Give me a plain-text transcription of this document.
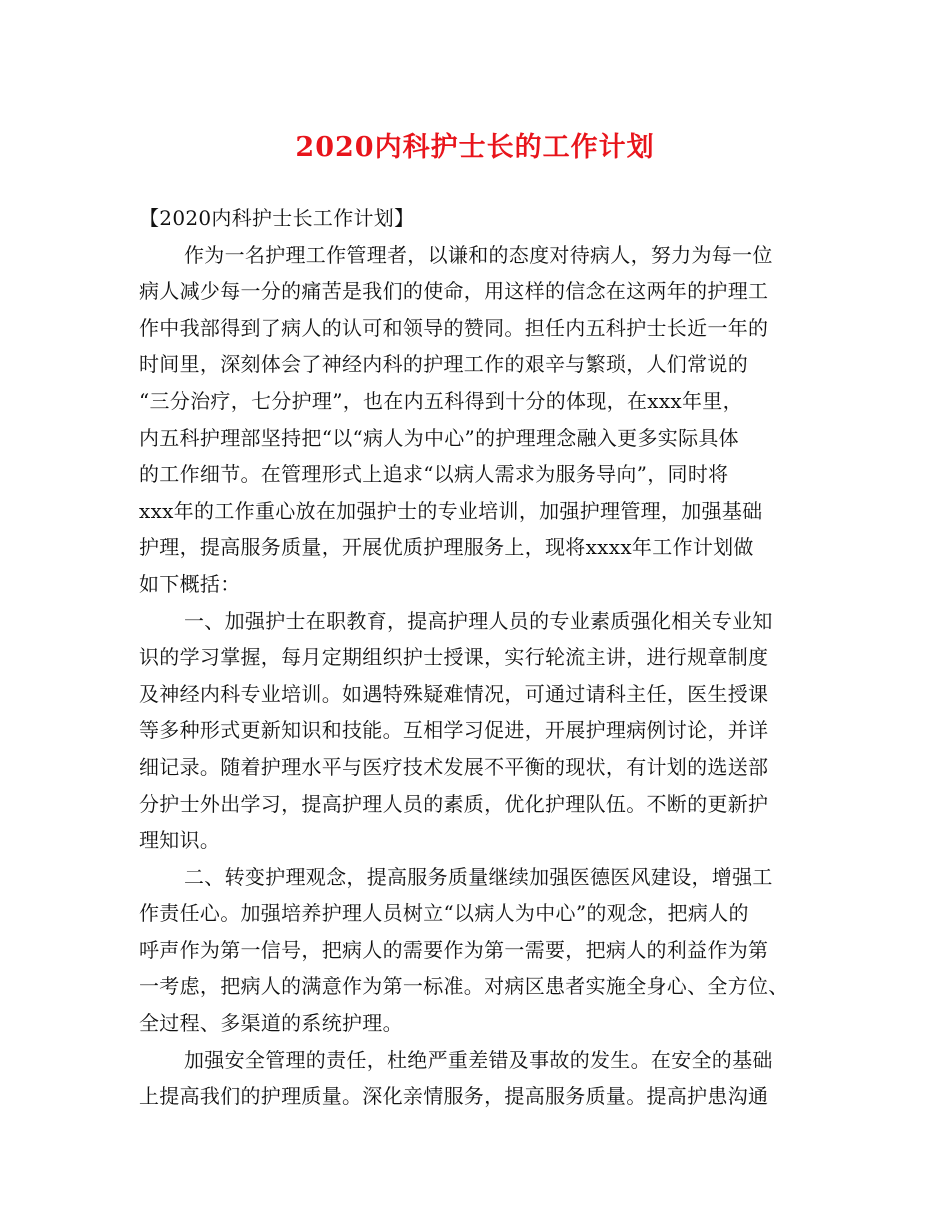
2020内科护士长的工作计划
【2020内科护士长工作计划】
作为一名护理工作管理者，以谦和的态度对待病人，努力为每一位
病人减少每一分的痛苦是我们的使命，用这样的信念在这两年的护理工
作中我部得到了病人的认可和领导的赞同。担任内五科护士长近一年的
时间里，深刻体会了神经内科的护理工作的艰辛与繁琐，人们常说的
“三分治疗，七分护理”，也在内五科得到十分的体现，在xxx年里，
内五科护理部坚持把“以“病人为中心”的护理理念融入更多实际具体
的工作细节。在管理形式上追求“以病人需求为服务导向”，同时将
xxx年的工作重心放在加强护士的专业培训，加强护理管理，加强基础
护理，提高服务质量，开展优质护理服务上，现将xxxx年工作计划做
如下概括：
一、加强护士在职教育，提高护理人员的专业素质强化相关专业知
识的学习掌握，每月定期组织护士授课，实行轮流主讲，进行规章制度
及神经内科专业培训。如遇特殊疑难情况，可通过请科主任，医生授课
等多种形式更新知识和技能。互相学习促进，开展护理病例讨论，并详
细记录。随着护理水平与医疗技术发展不平衡的现状，有计划的选送部
分护士外出学习，提高护理人员的素质，优化护理队伍。不断的更新护
理知识。
二、转变护理观念，提高服务质量继续加强医德医风建设，增强工
作责任心。加强培养护理人员树立“以病人为中心”的观念，把病人的
呼声作为第一信号，把病人的需要作为第一需要，把病人的利益作为第
一考虑，把病人的满意作为第一标准。对病区患者实施全身心、全方位、
全过程、多渠道的系统护理。
加强安全管理的责任，杜绝严重差错及事故的发生。在安全的基础
上提高我们的护理质量。深化亲情服务，提高服务质量。提高护患沟通
